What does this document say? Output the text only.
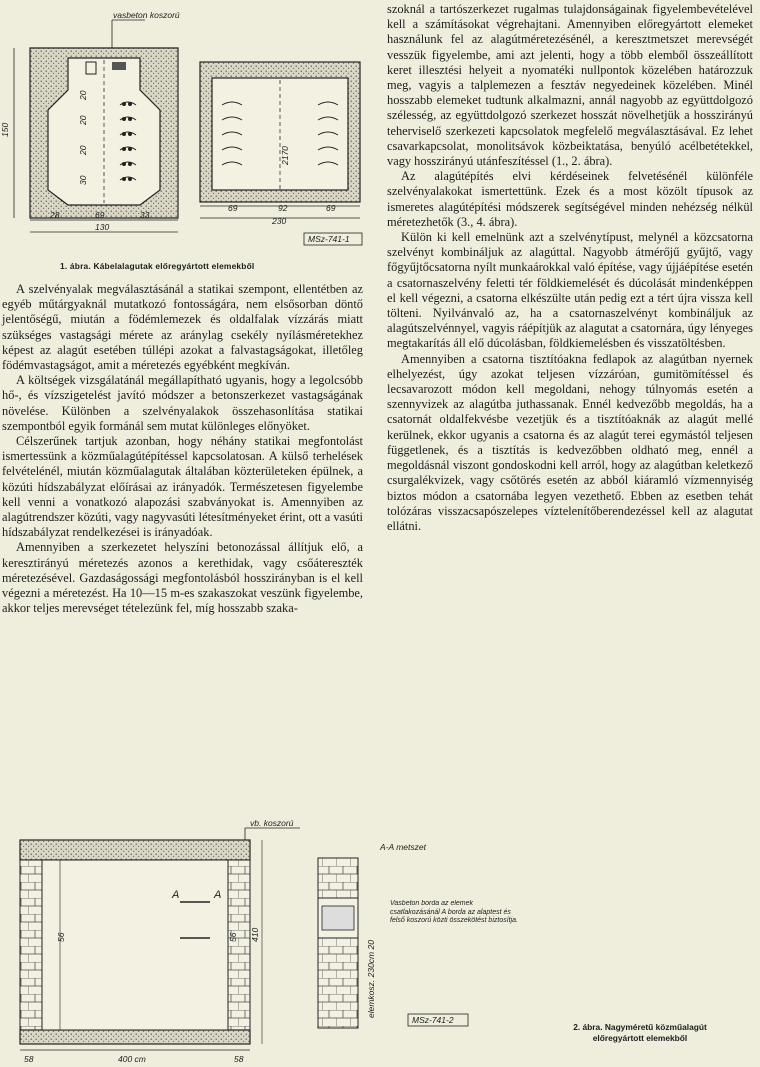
vasbeton koszorú
150
20
20
20
30
28	69	33
130
2170
69	92	69
230
MSz-741-1
1. ábra. Kábelalagutak előregyártott elemekből

A szelvényalak megválasztásánál a statikai szempont, ellentétben az egyéb műtárgyaknál mutatkozó fontosságára, nem elsősorban döntő jelentőségű, miután a födémlemezek és oldalfalak vízzárás miatt szükséges vastagsági mérete az aránylag csekély nyílásméretekhez képest az alagút esetében túllépi azokat a falvastagságokat, illetőleg födémvastagságot, amit a méretezés egyébként megkíván.

A költségek vizsgálatánál megállapítható ugyanis, hogy a legolcsóbb hő-, és vízszigetelést javító módszer a betonszerkezet vastagságának növelése. Különben a szelvényalakok összehasonlítása statikai szempontból egyik formánál sem mutat különleges előnyöket.

Célszerűnek tartjuk azonban, hogy néhány statikai megfontolást ismertessünk a közműalagútépítéssel kapcsolatosan. A külső terhelések felvételénél, miután közműalagutak általában közterületeken épülnek, a közúti hídszabályzat előírásai az irányadók. Természetesen figyelembe kell venni a vonatkozó alapozási szabványokat is. Amennyiben az alagútrendszer közúti, vagy nagyvasúti létesítményeket érint, ott a vasúti hídszabályzat rendelkezései is irányadóak.

Amennyiben a szerkezetet helyszíni betonozással állítjuk elő, a keresztirányú méretezés azonos a kerethidak, vagy csőátereszték méretezésével. Gazdaságossági megfontolásból hosszirányban is el kell végezni a méretezést. Ha 10—15 m-es szakaszokat veszünk figyelembe, akkor teljes merevséget tételezünk fel, míg hosszabb szaka-

szoknál a tartószerkezet rugalmas tulajdonságainak figyelembevételével kell a számításokat végrehajtani. Amennyiben előregyártott elemeket használunk fel az alagútméretezésénél, a keresztmetszet merevségét vesszük figyelembe, ami azt jelenti, hogy a több elemből összeállított keret illesztési helyeit a nyomatéki nullpontok közelében határozzuk meg, vagyis a talplemezen a fesztáv negyedeinek közelében. Minél hosszabb elemeket tudtunk alkalmazni, annál nagyobb az együttdolgozó szélesség, az együttdolgozó szerkezet hosszát növelhetjük a hosszirányú teherviselő szerkezeti kapcsolatok megfelelő megválasztásával. Ez lehet csavarkapcsolat, monolitsávok közbeiktatása, benyúló acélbetétekkel, vagy hosszirányú utánfeszítéssel (1., 2. ábra).

Az alagútépítés elvi kérdéseinek felvetésénél különféle szelvényalakokat ismertettünk. Ezek és a most közölt típusok az ismeretes alagútépítési módszerek segítségével minden nehézség nélkül méretezhetők (3., 4. ábra).

Külön ki kell emelnünk azt a szelvénytípust, melynél a közcsatorna szelvényt kombináljuk az alagúttal. Nagyobb átmérőjű gyűjtő, vagy főgyűjtőcsatorna nyílt munkaárokkal való építése, vagy újjáépítése esetén a csatornaszelvény feletti tér földkiemelését és dúcolását mindenképpen el kell végezni, a csatorna elkészülte után pedig ezt a tért újra vissza kell tölteni. Nyilvánvaló az, ha a csatornaszelvényt kombináljuk az alagútszelvénnyel, vagyis ráépítjük az alagutat a csatornára, úgy lényeges megtakarítás áll elő dúcolásban, földkiemelésben és visszatöltésben.

Amennyiben a csatorna tisztítóakna fedlapok az alagútban nyernek elhelyezést, úgy azokat teljesen vízzáróan, gumitömítéssel és lecsavarozott módon kell megoldani, nehogy túlnyomás esetén a szennyvizek az alagútba juthassanak. Ennél kedvezőbb megoldás, ha a csatornát oldalfekvésbe vezetjük és a tisztítóaknák az alagút mellé kerülnek, ekkor ugyanis a csatorna és az alagút terei egymástól teljesen függetlenek, és a tisztítás is kedvezőbben oldható meg, ennél a megoldásnál viszont gondoskodni kell arról, hogy az alagútban keletkező csurgalékvizek, vagy csőtörés esetén az abból kiáramló vízmennyiség biztos módon a csatornába legyen vezethető. Ebben az esetben tehát tolózáras visszacsapószelepes víztelenítőberendezéssel kell az alagutat ellátni.

vb. koszorú
A	A
56	56 410
58	400 cm	58
A-A metszet
elemkosz. 230cm 20
Vasbeton borda az elemek csatlakozásánál A borda az alaptest és felső koszorú közti összekötést biztosítja.
MSz-741-2
2. ábra. Nagyméretű közműalagút
előregyártott elemekből
